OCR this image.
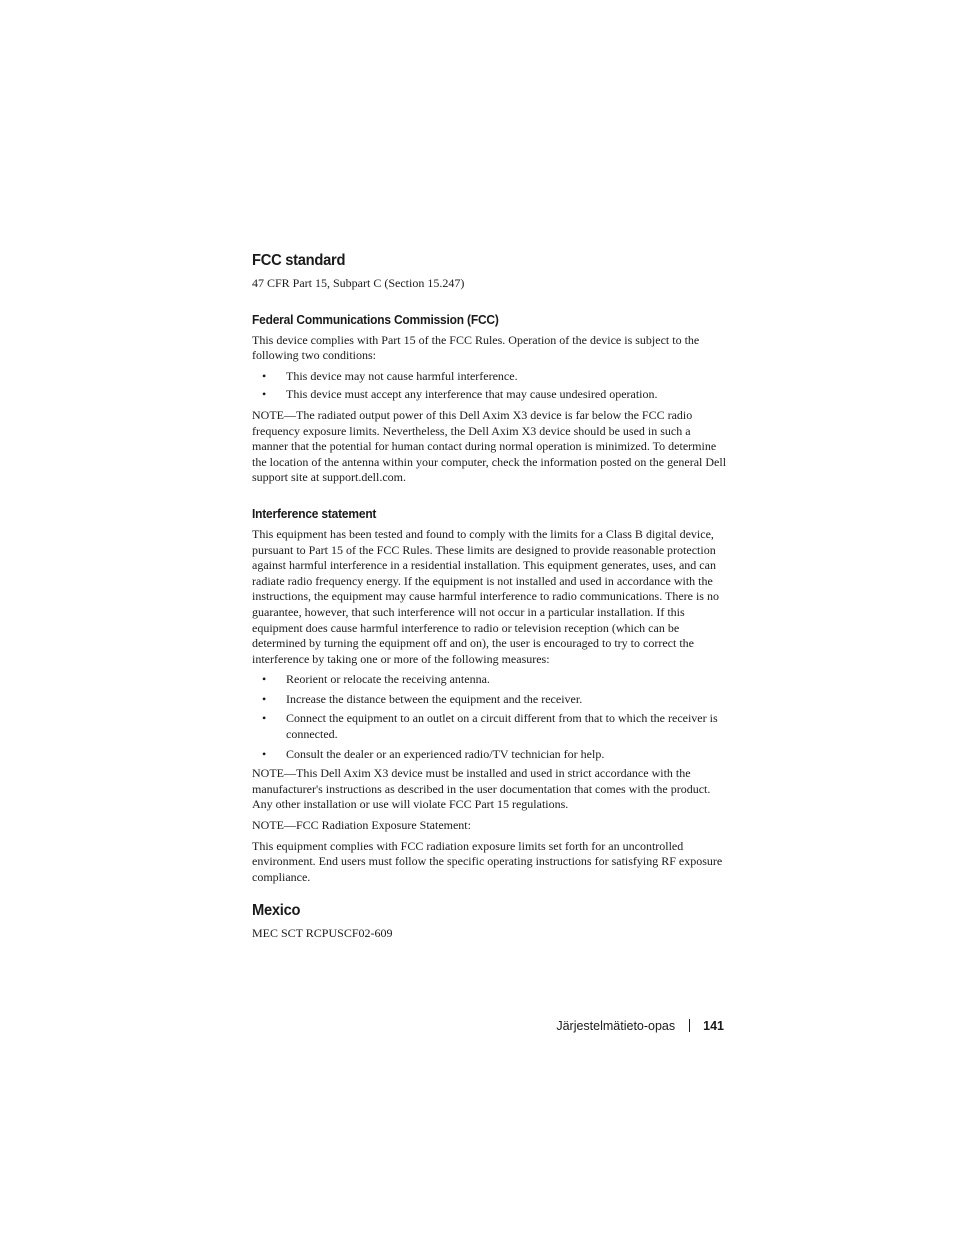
FCC standard

47 CFR Part 15, Subpart C (Section 15.247)

Federal Communications Commission (FCC)

This device complies with Part 15 of the FCC Rules. Operation of the device is subject to the following two conditions:

• This device may not cause harmful interference.
• This device must accept any interference that may cause undesired operation.

NOTE—The radiated output power of this Dell Axim X3 device is far below the FCC radio frequency exposure limits. Nevertheless, the Dell Axim X3 device should be used in such a manner that the potential for human contact during normal operation is minimized. To determine the location of the antenna within your computer, check the information posted on the general Dell support site at support.dell.com.

Interference statement

This equipment has been tested and found to comply with the limits for a Class B digital device, pursuant to Part 15 of the FCC Rules. These limits are designed to provide reasonable protection against harmful interference in a residential installation. This equipment generates, uses, and can radiate radio frequency energy. If the equipment is not installed and used in accordance with the instructions, the equipment may cause harmful interference to radio communications. There is no guarantee, however, that such interference will not occur in a particular installation. If this equipment does cause harmful interference to radio or television reception (which can be determined by turning the equipment off and on), the user is encouraged to try to correct the interference by taking one or more of the following measures:

• Reorient or relocate the receiving antenna.
• Increase the distance between the equipment and the receiver.
• Connect the equipment to an outlet on a circuit different from that to which the receiver is connected.
• Consult the dealer or an experienced radio/TV technician for help.

NOTE—This Dell Axim X3 device must be installed and used in strict accordance with the manufacturer's instructions as described in the user documentation that comes with the product. Any other installation or use will violate FCC Part 15 regulations.

NOTE—FCC Radiation Exposure Statement:

This equipment complies with FCC radiation exposure limits set forth for an uncontrolled environment. End users must follow the specific operating instructions for satisfying RF exposure compliance.

Mexico

MEC SCT RCPUSCF02-609

Järjestelmätieto-opas 141
